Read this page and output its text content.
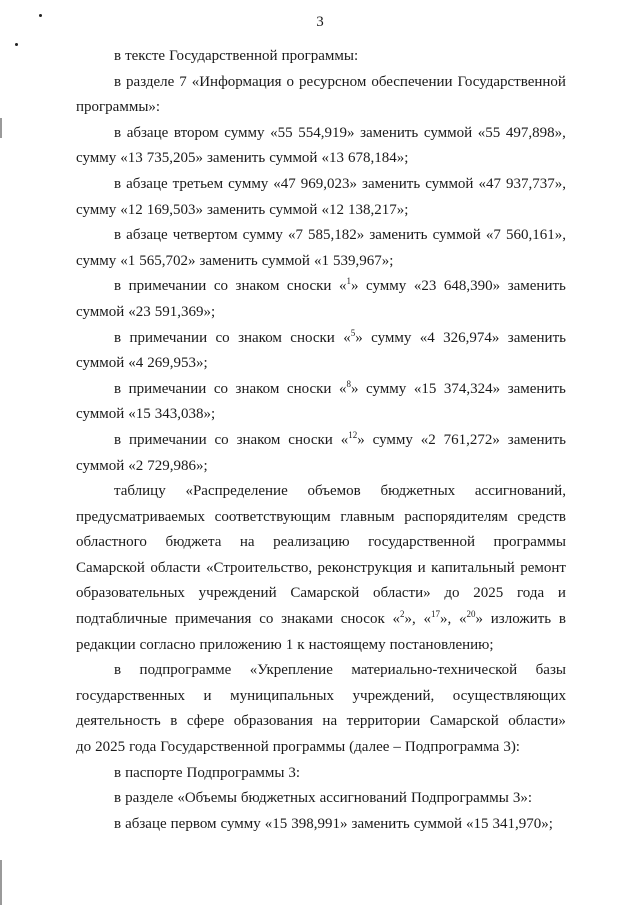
3
в тексте Государственной программы:
в разделе 7 «Информация о ресурсном обеспечении Государственной
программы»:
в абзаце втором сумму «55 554,919» заменить суммой «55 497,898»,
сумму «13 735,205» заменить суммой «13 678,184»;
в абзаце третьем сумму «47 969,023» заменить суммой «47 937,737»,
сумму «12 169,503» заменить суммой «12 138,217»;
в абзаце четвертом сумму «7 585,182» заменить суммой «7 560,161»,
сумму «1 565,702» заменить суммой «1 539,967»;
в примечании со знаком сноски «$^1$» сумму «23 648,390» заменить
суммой «23 591,369»;
в примечании со знаком сноски «$^5$» сумму «4 326,974» заменить
суммой «4 269,953»;
в примечании со знаком сноски «$^8$» сумму «15 374,324» заменить
суммой «15 343,038»;
в примечании со знаком сноски «$^{12}$» сумму «2 761,272» заменить
суммой «2 729,986»;
таблицу «Распределение объемов бюджетных ассигнований,
предусматриваемых соответствующим главным распорядителям средств
областного бюджета на реализацию государственной программы
Самарской области «Строительство, реконструкция и капитальный ремонт
образовательных учреждений Самарской области» до 2025 года и
подтабличные примечания со знаками сносок «$^2$», «$^{17}$», «$^{20}$» изложить в
редакции согласно приложению 1 к настоящему постановлению;
в подпрограмме «Укрепление материально-технической базы
государственных и муниципальных учреждений, осуществляющих
деятельность в сфере образования на территории Самарской области»
до 2025 года Государственной программы (далее – Подпрограмма 3):
в паспорте Подпрограммы 3:
в разделе «Объемы бюджетных ассигнований Подпрограммы 3»:
в абзаце первом сумму «15 398,991» заменить суммой «15 341,970»;
